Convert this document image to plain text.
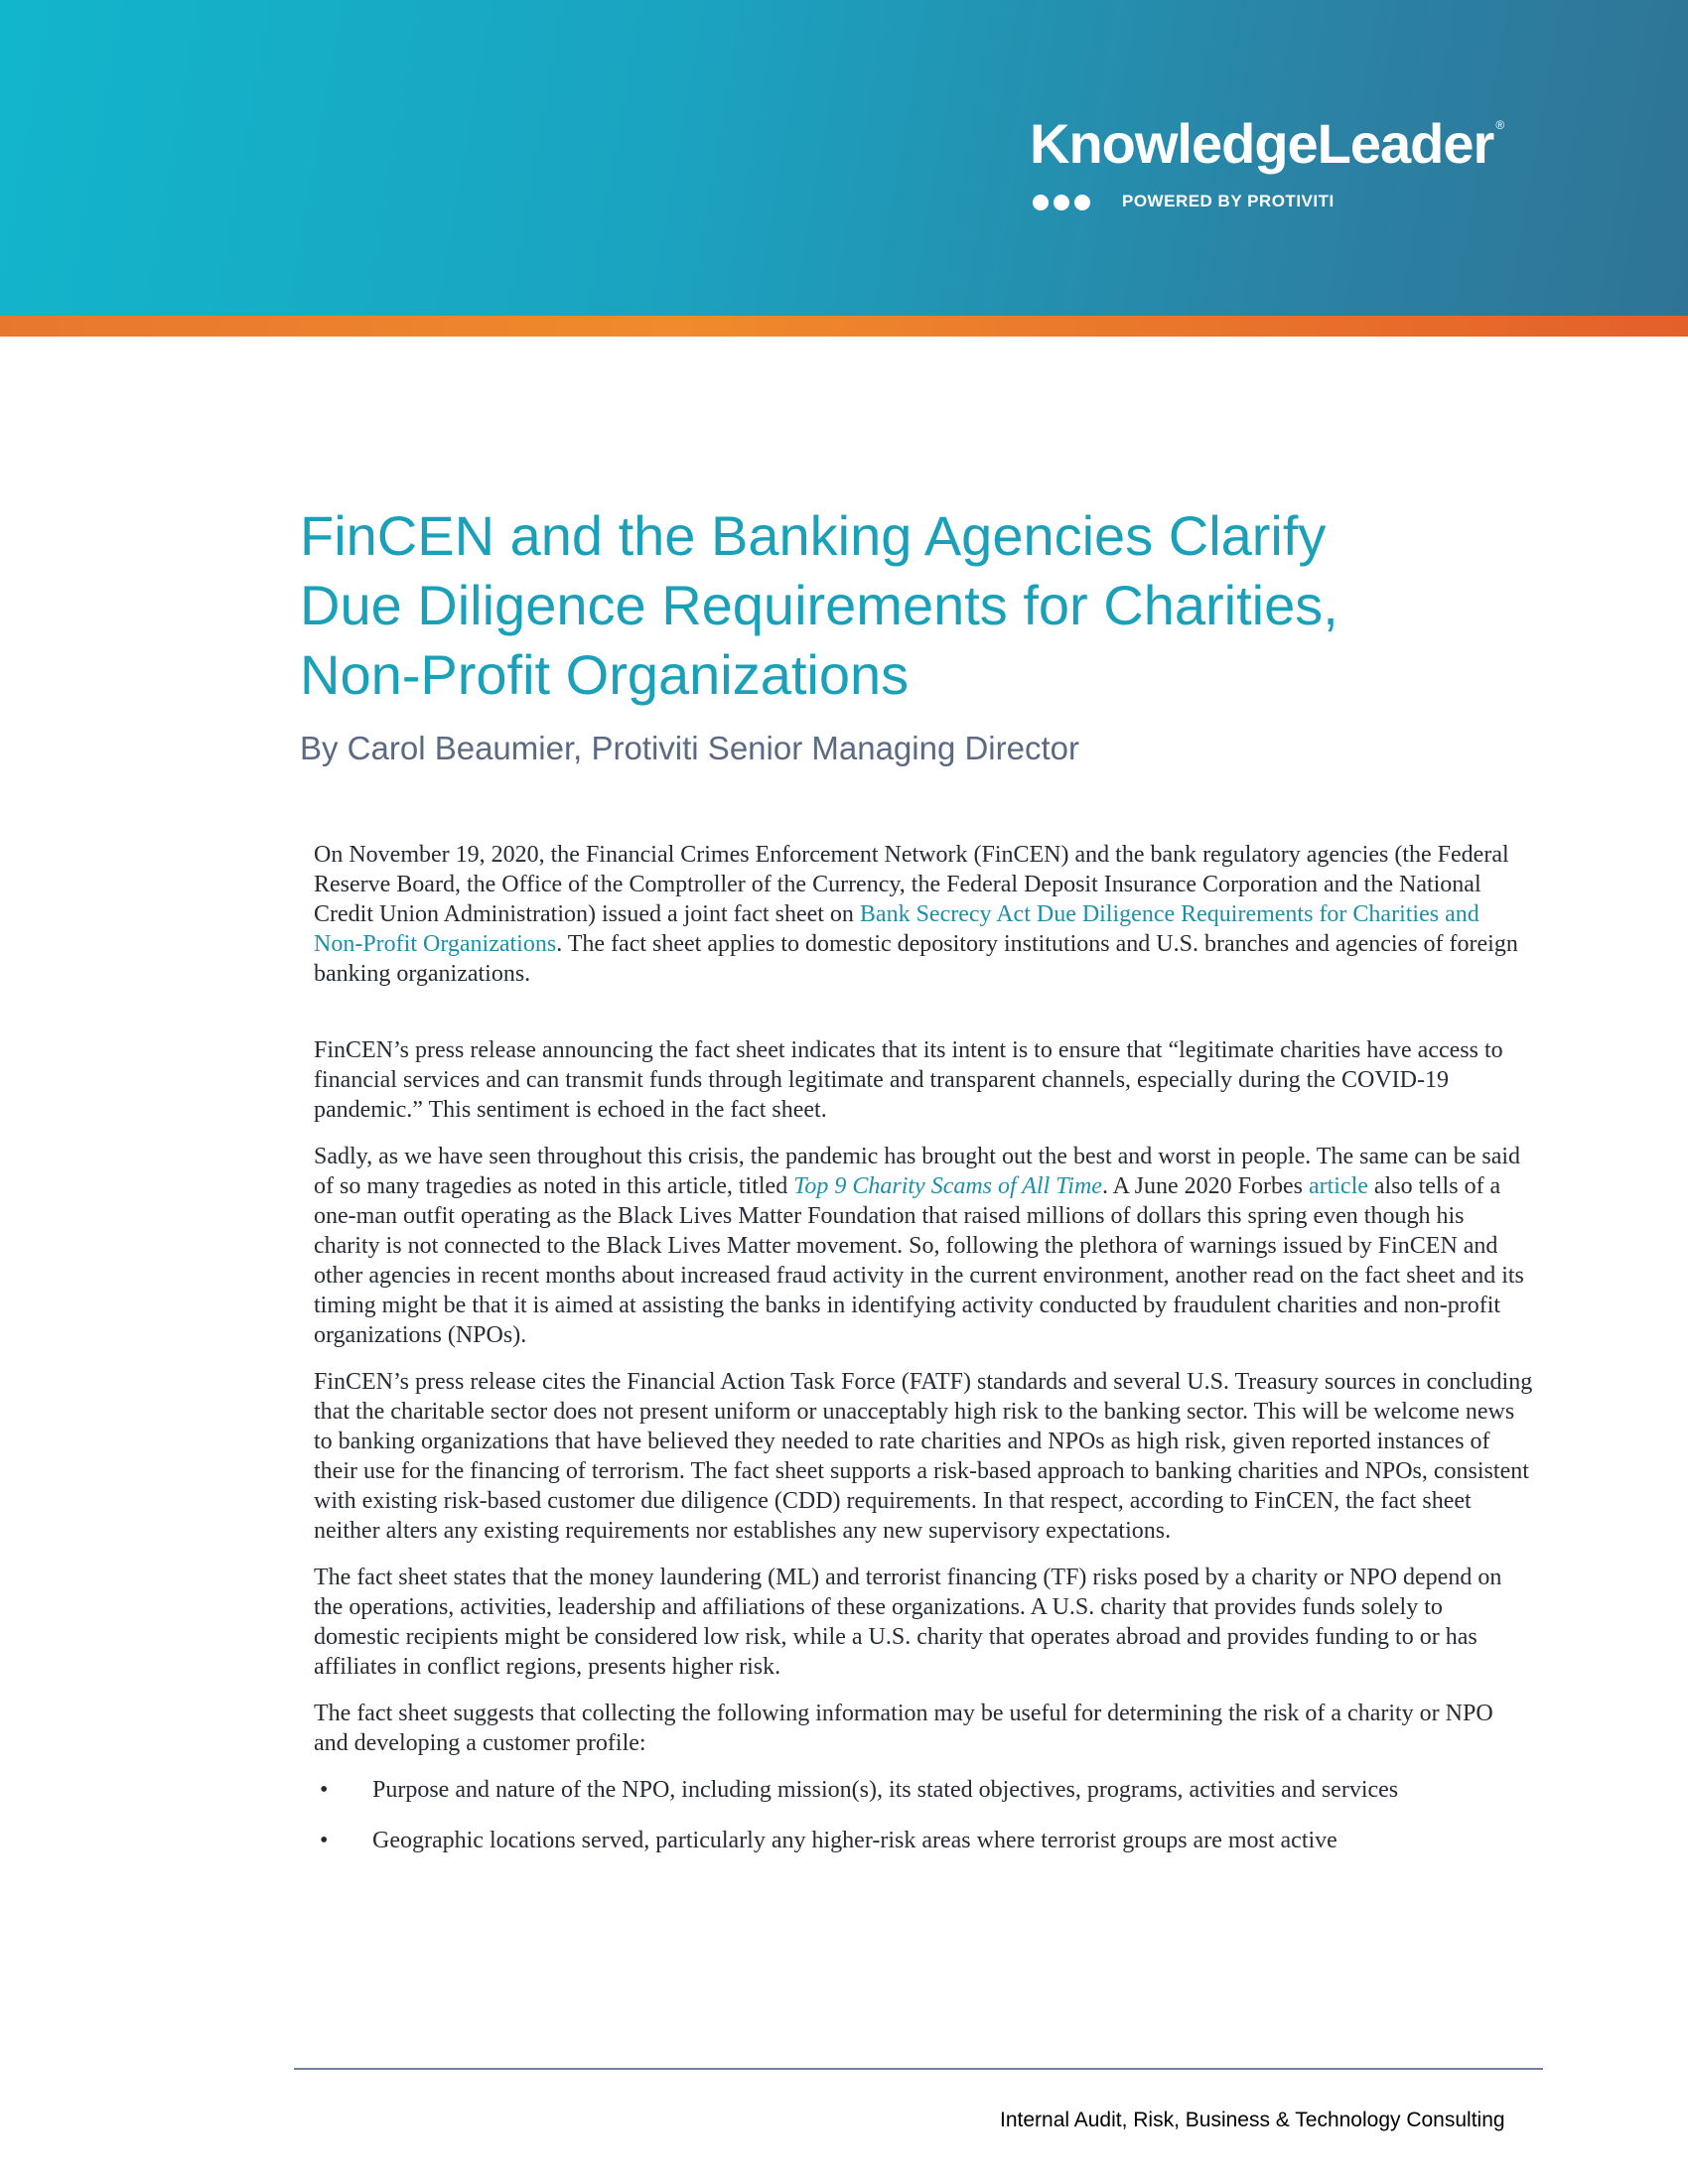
KnowledgeLeader ®
POWERED BY PROTIVITI
FinCEN and the Banking Agencies Clarify
Due Diligence Requirements for Charities,
Non-Profit Organizations
By Carol Beaumier, Protiviti Senior Managing Director

On November 19, 2020, the Financial Crimes Enforcement Network (FinCEN) and the bank regulatory agencies (the Federal Reserve Board, the Office of the Comptroller of the Currency, the Federal Deposit Insurance Corporation and the National Credit Union Administration) issued a joint fact sheet on Bank Secrecy Act Due Diligence Requirements for Charities and Non-Profit Organizations. The fact sheet applies to domestic depository institutions and U.S. branches and agencies of foreign banking organizations.

FinCEN’s press release announcing the fact sheet indicates that its intent is to ensure that “legitimate charities have access to financial services and can transmit funds through legitimate and transparent channels, especially during the COVID-19 pandemic.” This sentiment is echoed in the fact sheet.

Sadly, as we have seen throughout this crisis, the pandemic has brought out the best and worst in people. The same can be said of so many tragedies as noted in this article, titled Top 9 Charity Scams of All Time. A June 2020 Forbes article also tells of a one-man outfit operating as the Black Lives Matter Foundation that raised millions of dollars this spring even though his charity is not connected to the Black Lives Matter movement. So, following the plethora of warnings issued by FinCEN and other agencies in recent months about increased fraud activity in the current environment, another read on the fact sheet and its timing might be that it is aimed at assisting the banks in identifying activity conducted by fraudulent charities and non-profit organizations (NPOs).

FinCEN’s press release cites the Financial Action Task Force (FATF) standards and several U.S. Treasury sources in concluding that the charitable sector does not present uniform or unacceptably high risk to the banking sector. This will be welcome news to banking organizations that have believed they needed to rate charities and NPOs as high risk, given reported instances of their use for the financing of terrorism. The fact sheet supports a risk-based approach to banking charities and NPOs, consistent with existing risk-based customer due diligence (CDD) requirements. In that respect, according to FinCEN, the fact sheet neither alters any existing requirements nor establishes any new supervisory expectations.

The fact sheet states that the money laundering (ML) and terrorist financing (TF) risks posed by a charity or NPO depend on the operations, activities, leadership and affiliations of these organizations. A U.S. charity that provides funds solely to domestic recipients might be considered low risk, while a U.S. charity that operates abroad and provides funding to or has affiliates in conflict regions, presents higher risk.

The fact sheet suggests that collecting the following information may be useful for determining the risk of a charity or NPO and developing a customer profile:

• Purpose and nature of the NPO, including mission(s), its stated objectives, programs, activities and services
• Geographic locations served, particularly any higher-risk areas where terrorist groups are most active
Internal Audit, Risk, Business & Technology Consulting
